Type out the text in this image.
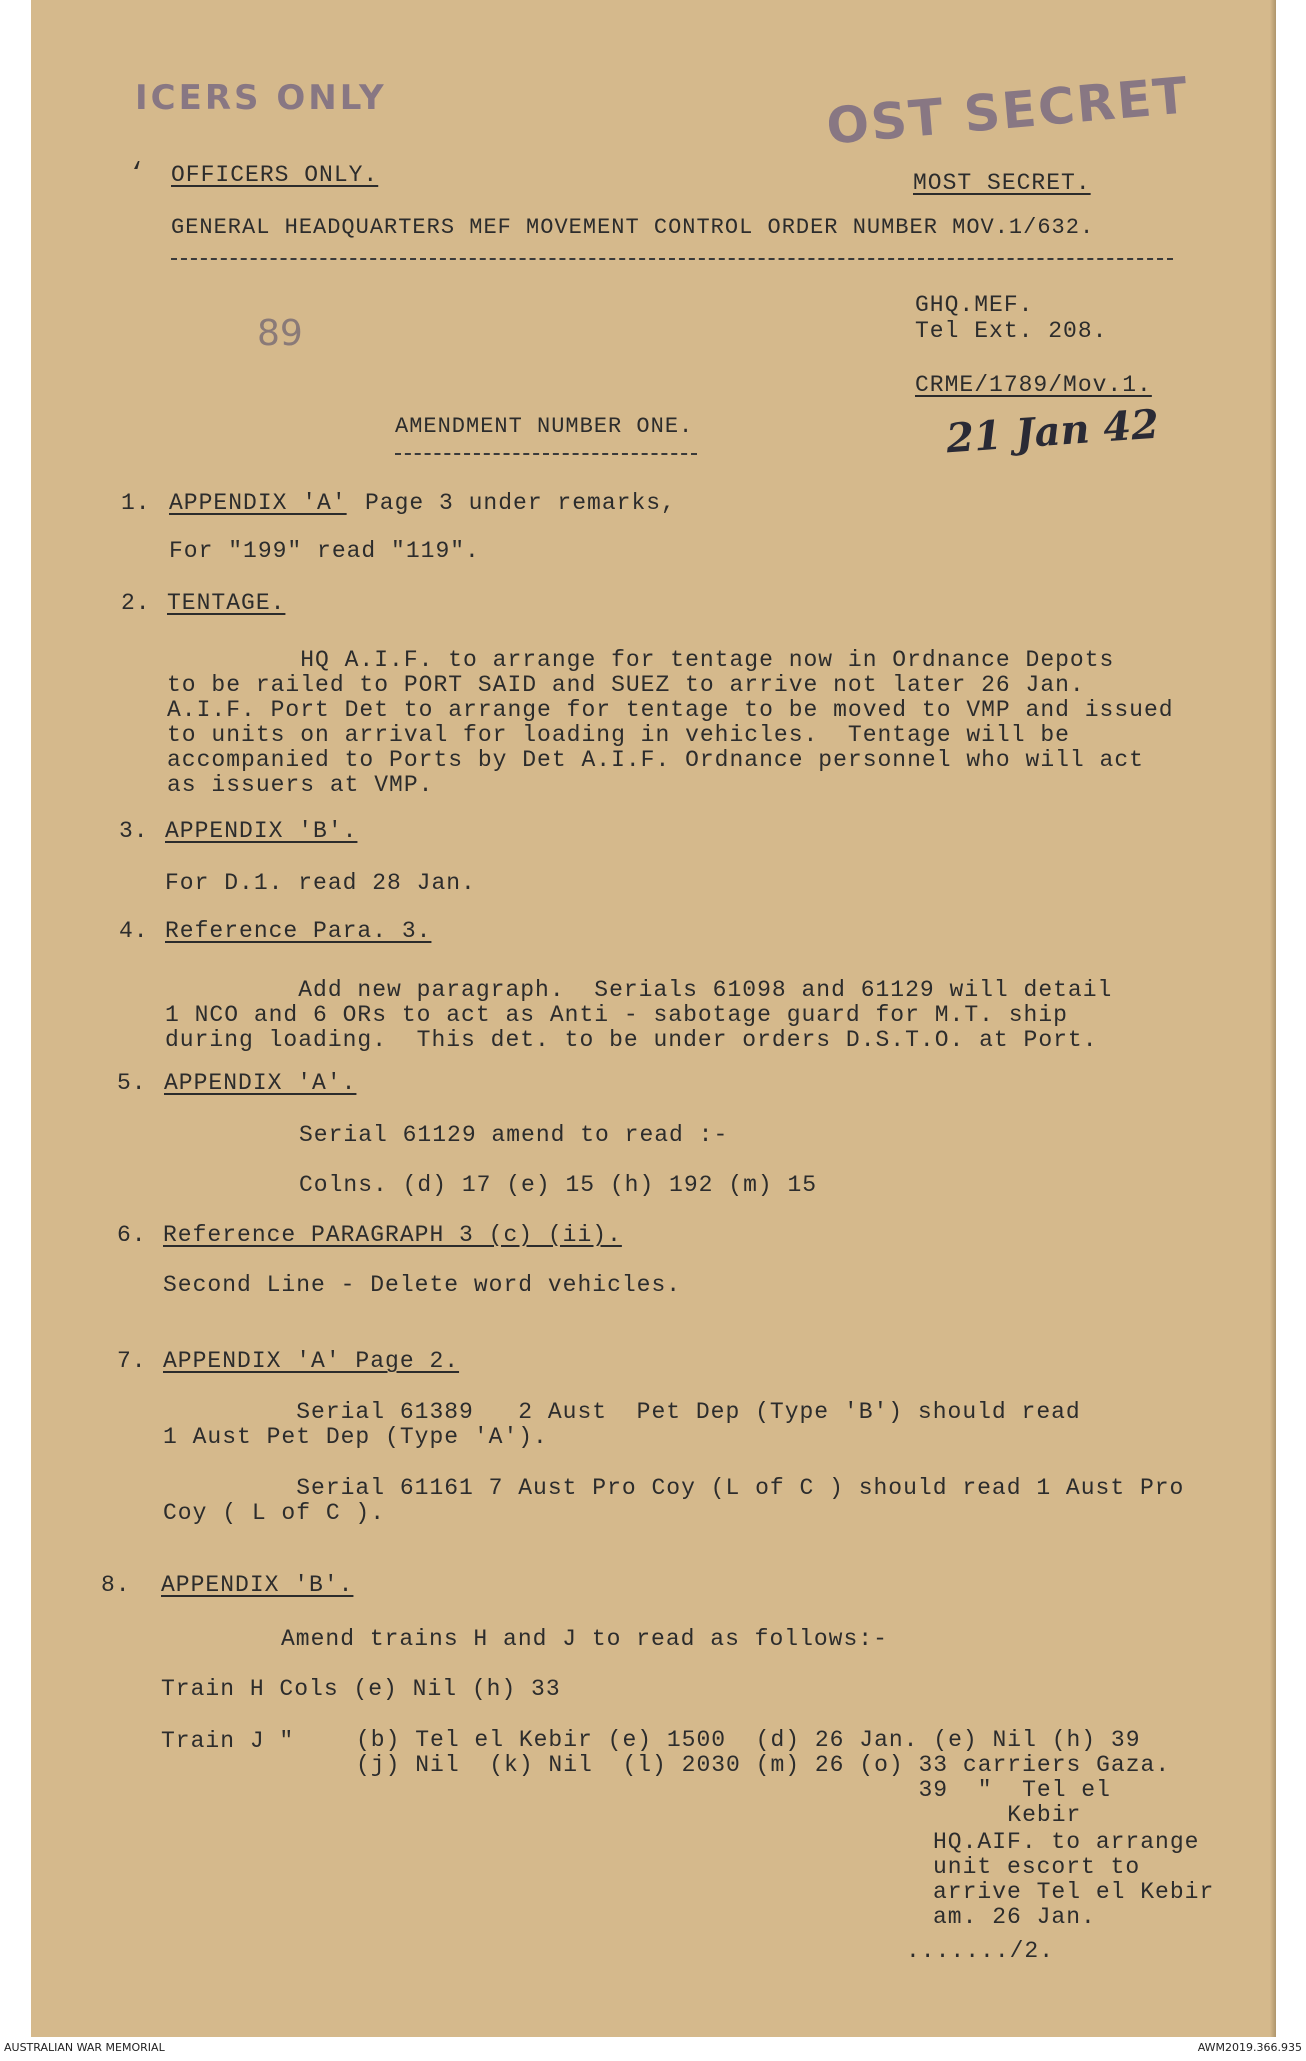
ICERS ONLY	OST SECRET
‘ OFFICERS ONLY.	MOST SECRET.
GENERAL HEADQUARTERS MEF MOVEMENT CONTROL ORDER NUMBER MOV.1/632.
89
GHQ.MEF.
Tel Ext. 208.
CRME/1789/Mov.1.
21 Jan 42
AMENDMENT NUMBER ONE.
1. APPENDIX 'A' Page 3 under remarks,
For "199" read "119".
2. TENTAGE.
HQ A.I.F. to arrange for tentage now in Ordnance Depots
to be railed to PORT SAID and SUEZ to arrive not later 26 Jan.
A.I.F. Port Det to arrange for tentage to be moved to VMP and issued
to units on arrival for loading in vehicles.  Tentage will be
accompanied to Ports by Det A.I.F. Ordnance personnel who will act
as issuers at VMP.
3. APPENDIX 'B'.
For D.1. read 28 Jan.
4. Reference Para. 3.
Add new paragraph.  Serials 61098 and 61129 will detail
1 NCO and 6 ORs to act as Anti - sabotage guard for M.T. ship
during loading.  This det. to be under orders D.S.T.O. at Port.
5. APPENDIX 'A'.
Serial 61129 amend to read :-
Colns. (d) 17 (e) 15 (h) 192 (m) 15
6. Reference PARAGRAPH 3 (c) (ii).
Second Line - Delete word vehicles.
7. APPENDIX 'A' Page 2.
Serial 61389   2 Aust  Pet Dep (Type 'B') should read
1 Aust Pet Dep (Type 'A').
Serial 61161 7 Aust Pro Coy (L of C ) should read 1 Aust Pro
Coy ( L of C ).
8. APPENDIX 'B'.
Amend trains H and J to read as follows:-
Train H Cols (e) Nil (h) 33
Train J "	(b) Tel el Kebir (e) 1500  (d) 26 Jan. (e) Nil (h) 39
(j) Nil  (k) Nil  (l) 2030 (m) 26 (o) 33 carriers Gaza.
39  "  Tel el
Kebir
HQ.AIF. to arrange
unit escort to
arrive Tel el Kebir
am. 26 Jan.
......./2.
AUSTRALIAN WAR MEMORIAL	AWM2019.366.935
